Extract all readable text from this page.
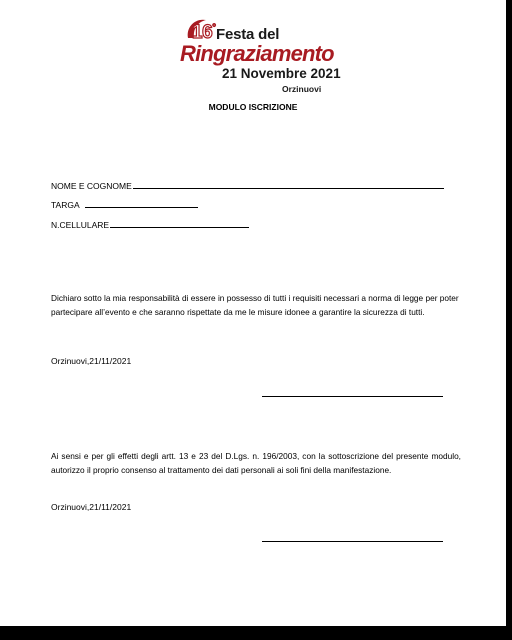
16° Festa del
Ringraziamento
21 Novembre 2021
Orzinuovi
MODULO ISCRIZIONE
NOME E COGNOME
TARGA
N.CELLULARE
Dichiaro sotto la mia responsabilità di essere in possesso di tutti i requisiti necessari a norma di legge per poter partecipare all’evento e che saranno rispettate da me le misure idonee a garantire la sicurezza di tutti.
Orzinuovi,21/11/2021
Ai sensi e per gli effetti degli artt. 13 e 23 del D.Lgs. n. 196/2003, con la sottoscrizione del presente modulo, autorizzo il proprio consenso al trattamento dei dati personali ai soli fini della manifestazione.
Orzinuovi,21/11/2021
